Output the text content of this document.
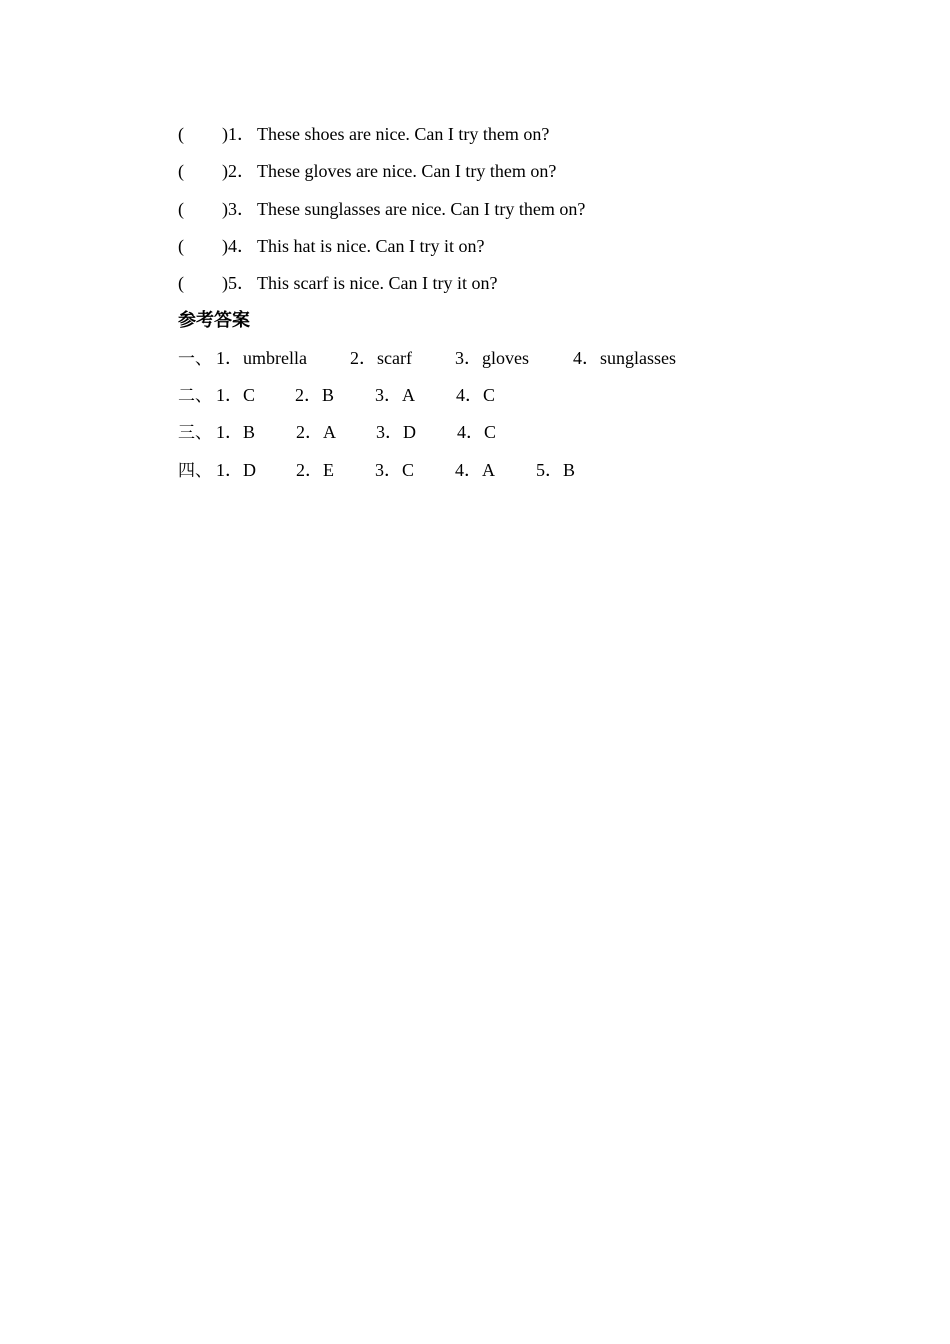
( )1． These shoes are nice. Can I try them on?
( )2． These gloves are nice. Can I try them on?
( )3． These sunglasses are nice. Can I try them on?
( )4． This hat is nice. Can I try it on?
( )5． This scarf is nice. Can I try it on?
参考答案
一、 1．umbrella 2．scarf 3．gloves 4．sunglasses
二、 1．C 2．B 3．A 4．C
三、 1．B 2．A 3．D 4．C
四、 1．D 2．E 3．C 4．A 5．B
